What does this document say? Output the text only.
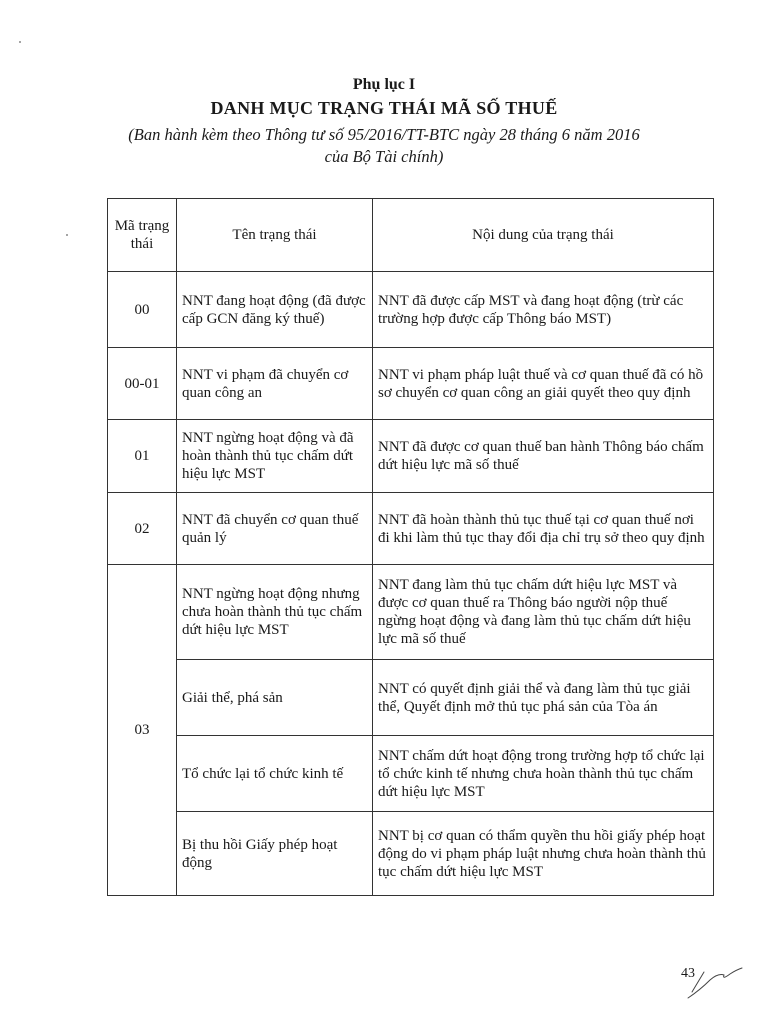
Phụ lục I
DANH MỤC TRẠNG THÁI MÃ SỐ THUẾ
(Ban hành kèm theo Thông tư số 95/2016/TT-BTC ngày 28 tháng 6 năm 2016
của Bộ Tài chính)
Mã trạng thái	Tên trạng thái	Nội dung của trạng thái
00	NNT đang hoạt động (đã được cấp GCN đăng ký thuế)	NNT đã được cấp MST và đang hoạt động (trừ các trường hợp được cấp Thông báo MST)
00-01	NNT vi phạm đã chuyển cơ quan công an	NNT vi phạm pháp luật thuế và cơ quan thuế đã có hồ sơ chuyển cơ quan công an giải quyết theo quy định
01	NNT ngừng hoạt động và đã hoàn thành thủ tục chấm dứt hiệu lực MST	NNT đã được cơ quan thuế ban hành Thông báo chấm dứt hiệu lực mã số thuế
02	NNT đã chuyển cơ quan thuế quản lý	NNT đã hoàn thành thủ tục thuế tại cơ quan thuế nơi đi khi làm thủ tục thay đổi địa chỉ trụ sở theo quy định
03	NNT ngừng hoạt động nhưng chưa hoàn thành thủ tục chấm dứt hiệu lực MST	NNT đang làm thủ tục chấm dứt hiệu lực MST và được cơ quan thuế ra Thông báo người nộp thuế ngừng hoạt động và đang làm thủ tục chấm dứt hiệu lực mã số thuế
	Giải thể, phá sản	NNT có quyết định giải thể và đang làm thủ tục giải thể, Quyết định mở thủ tục phá sản của Tòa án
	Tổ chức lại tổ chức kinh tế	NNT chấm dứt hoạt động trong trường hợp tổ chức lại tổ chức kinh tế nhưng chưa hoàn thành thủ tục chấm dứt hiệu lực MST
	Bị thu hồi Giấy phép hoạt động	NNT bị cơ quan có thẩm quyền thu hồi giấy phép hoạt động do vi phạm pháp luật nhưng chưa hoàn thành thủ tục chấm dứt hiệu lực MST
43
